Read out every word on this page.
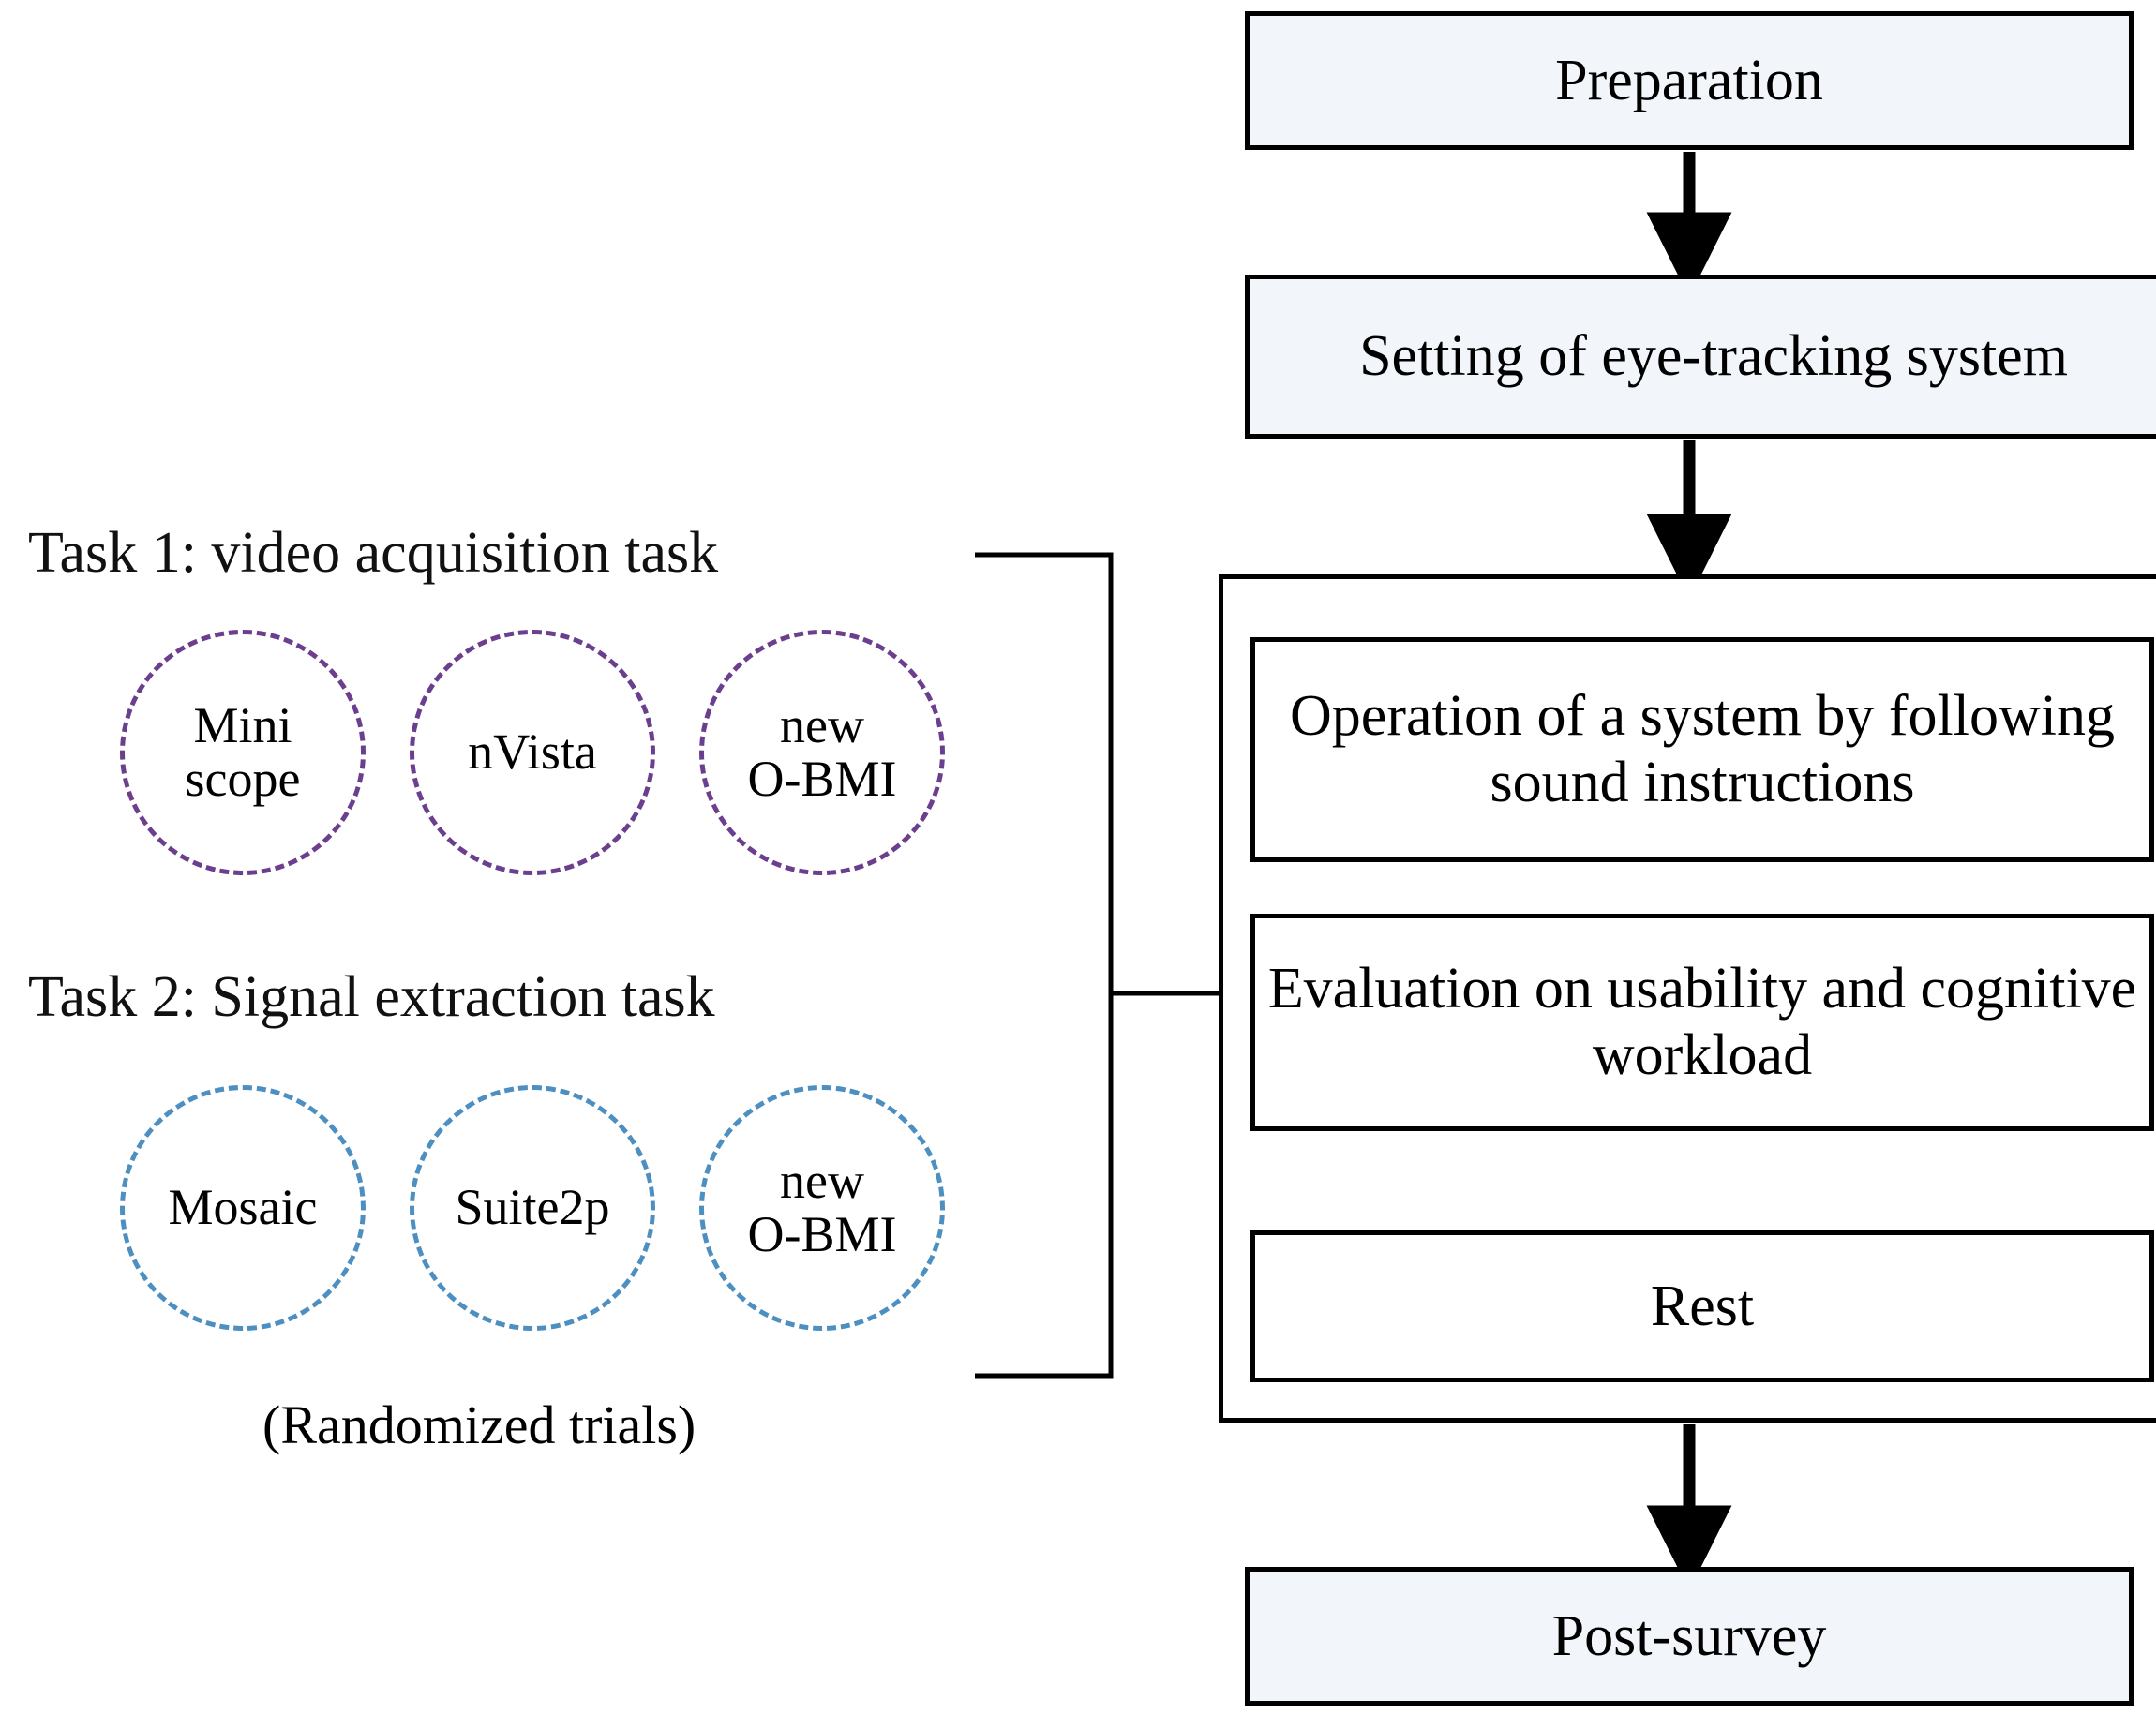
Task 1: video acquisition task
Mini
scope	nVista	new
O-BMI
Task 2: Signal extraction task
Mosaic	Suite2p	new
O-BMI
(Randomized trials)
Preparation
Setting of eye-tracking system
Operation of a system by following sound instructions
Evaluation on usability and cognitive workload
Rest
Post-survey
